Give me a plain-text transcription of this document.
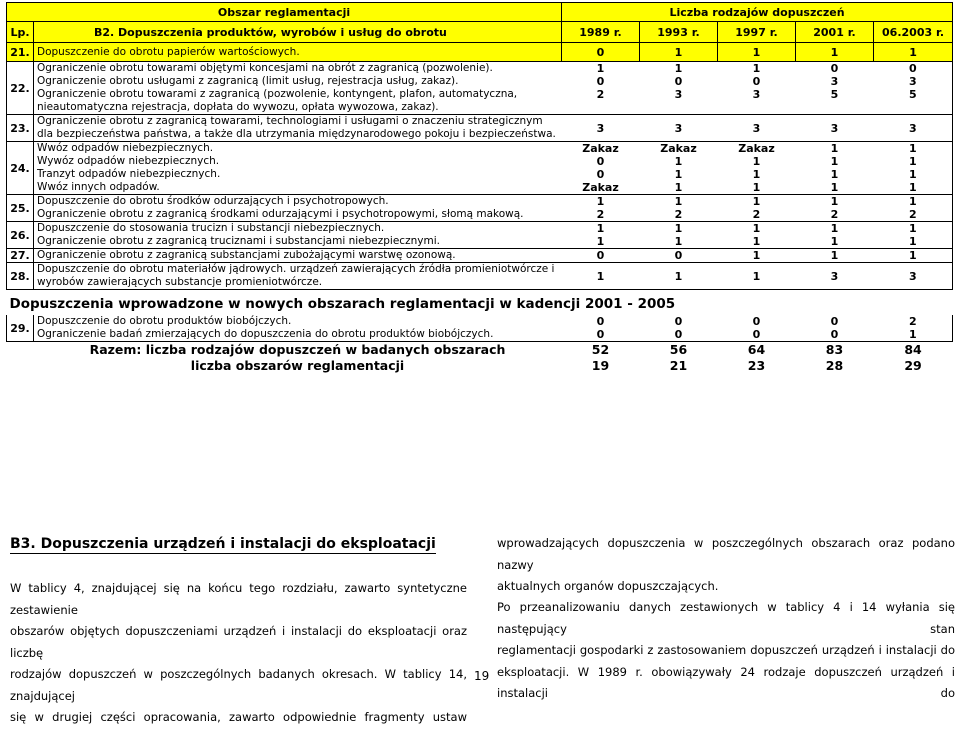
Obszar reglamentacji		Liczba rodzajów dopuszczeń				
Lp.	B2. Dopuszczenia produktów, wyrobów i usług do obrotu	1989 r.	1993 r.	1997 r.	2001 r.	06.2003 r.
21.	Dopuszczenie do obrotu papierów wartościowych.	0	1	1	1	1
22.	Ograniczenie obrotu towarami objętymi koncesjami na obrót z zagranicą (pozwolenie).	1	1	1	0	0
	Ograniczenie obrotu usługami z zagranicą (limit usług, rejestracja usług, zakaz).	0	0	0	3	3
	Ograniczenie obrotu towarami z zagranicą (pozwolenie, kontyngent, plafon, automatyczna,	2	3	3	5	5
	nieautomatyczna rejestracja, dopłata do wywozu, opłata wywozowa, zakaz).					
23.	Ograniczenie obrotu z zagranicą towarami, technologiami i usługami o znaczeniu strategicznym	3	3	3	3	3
	dla bezpieczeństwa państwa, a także dla utrzymania międzynarodowego pokoju i bezpieczeństwa.					
24.	Wwóz odpadów niebezpiecznych.	Zakaz	Zakaz	Zakaz	1	1
	Wywóz odpadów niebezpiecznych.	0	1	1	1	1
	Tranzyt odpadów niebezpiecznych.	0	1	1	1	1
	Wwóz innych odpadów.	Zakaz	1	1	1	1
25.	Dopuszczenie do obrotu środków odurzających i psychotropowych.	1	1	1	1	1
	Ograniczenie obrotu z zagranicą środkami odurzającymi i psychotropowymi, słomą makową.	2	2	2	2	2
26.	Dopuszczenie do stosowania trucizn i substancji niebezpiecznych.	1	1	1	1	1
	Ograniczenie obrotu z zagranicą truciznami i substancjami niebezpiecznymi.	1	1	1	1	1
27.	Ograniczenie obrotu z zagranicą substancjami zubożającymi warstwę ozonową.	0	0	1	1	1
28.	Dopuszczenie do obrotu materiałów jądrowych. urządzeń zawierających źródła promieniotwórcze i	1	1	1	3	3
	wyrobów zawierających substancje promieniotwórcze.					
Dopuszczenia wprowadzone w nowych obszarach reglamentacji w kadencji 2001 - 2005						
29.	Dopuszczenie do obrotu produktów biobójczych.	0	0	0	0	2
	Ograniczenie badań zmierzających do dopuszczenia do obrotu produktów biobójczych.	0	0	0	0	1
	Razem: liczba rodzajów dopuszczeń w badanych obszarach	52	56	64	83	84
	liczba obszarów reglamentacji	19	21	23	28	29
B3. Dopuszczenia urządzeń i instalacji do eksploatacji

W tablicy 4, znajdującej się na końcu tego rozdziału, zawarto syntetyczne zestawienie

obszarów objętych dopuszczeniami urządzeń i instalacji do eksploatacji oraz liczbę

rodzajów dopuszczeń w poszczególnych badanych okresach. W tablicy 14, znajdującej

się w drugiej części opracowania, zawarto odpowiednie fragmenty ustaw

wprowadzających dopuszczenia w poszczególnych obszarach oraz podano nazwy

aktualnych organów dopuszczających.

Po przeanalizowaniu danych zestawionych w tablicy 4 i 14 wyłania się następujący stan

reglamentacji gospodarki z zastosowaniem dopuszczeń urządzeń i instalacji do

eksploatacji. W 1989 r. obowiązywały 24 rodzaje dopuszczeń urządzeń i instalacji do

19
